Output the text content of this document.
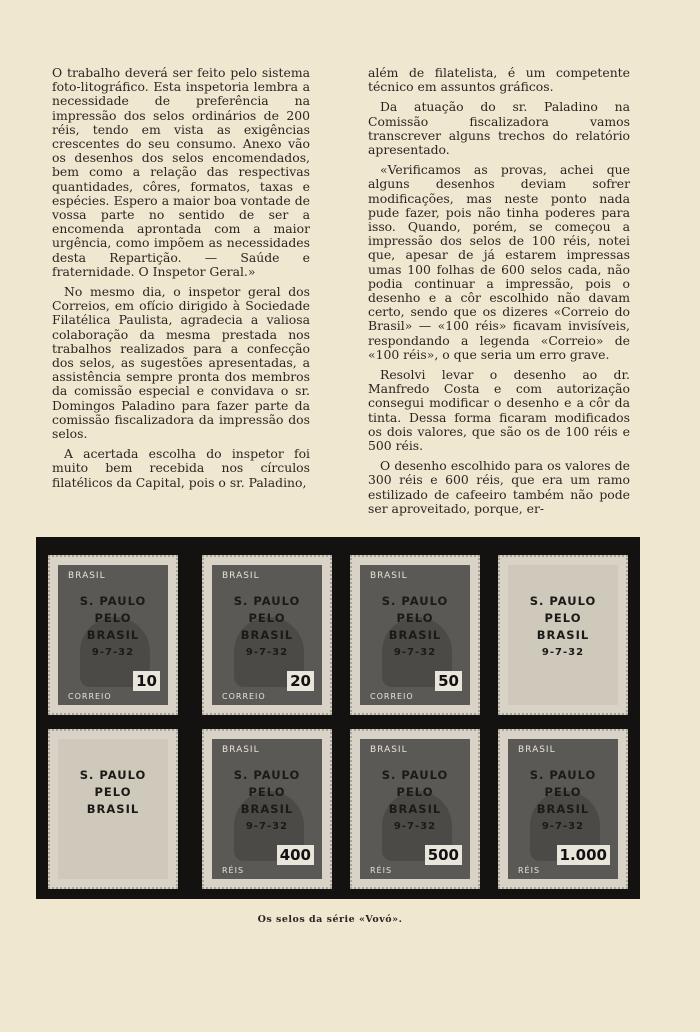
O trabalho deverá ser feito pelo sistema foto-litográfico. Esta inspetoria lembra a necessidade de preferência na impressão dos selos ordinários de 200 réis, tendo em vista as exigências crescentes do seu consumo. Anexo vão os desenhos dos selos encomendados, bem como a relação das respectivas quantidades, côres, formatos, taxas e espécies. Espero a maior boa vontade de vossa parte no sentido de ser a encomenda aprontada com a maior urgência, como impõem as necessidades desta Repartição. — Saúde e fraternidade. O Inspetor Geral.»

No mesmo dia, o inspetor geral dos Correios, em ofício dirigido à Sociedade Filatélica Paulista, agradecia a valiosa colaboração da mesma prestada nos trabalhos realizados para a confecção dos selos, as sugestões apresentadas, a assistência sempre pronta dos membros da comissão especial e convidava o sr. Domingos Paladino para fazer parte da comissão fiscalizadora da impressão dos selos.

A acertada escolha do inspetor foi muito bem recebida nos círculos filatélicos da Capital, pois o sr. Paladino,

além de filatelista, é um competente técnico em assuntos gráficos.

Da atuação do sr. Paladino na Comissão fiscalizadora vamos transcrever alguns trechos do relatório apresentado.

«Verificamos as provas, achei que alguns desenhos deviam sofrer modificações, mas neste ponto nada pude fazer, pois não tinha poderes para isso. Quando, porém, se começou a impressão dos selos de 100 réis, notei que, apesar de já estarem impressas umas 100 folhas de 600 selos cada, não podia continuar a impressão, pois o desenho e a côr escolhido não davam certo, sendo que os dizeres «Correio do Brasil» — «100 réis» ficavam invisíveis, respondando a legenda «Correio» de «100 réis», o que seria um erro grave.

Resolvi levar o desenho ao dr. Manfredo Costa e com autorização consegui modificar o desenho e a côr da tinta. Dessa forma ficaram modificados os dois valores, que são os de 100 réis e 500 réis.

O desenho escolhido para os valores de 300 réis e 600 réis, que era um ramo estilizado de cafeeiro também não pode ser aproveitado, porque, er-

BRASIL
S. PAULO
PELO
BRASIL
9-7-32
10
CORREIO
BRASIL
S. PAULO
PELO
BRASIL
9-7-32
20
CORREIO
BRASIL
S. PAULO
PELO
BRASIL
9-7-32
50
CORREIO
S. PAULO
PELO
BRASIL
9-7-32
S. PAULO
PELO
BRASIL
BRASIL
S. PAULO
PELO
BRASIL
9-7-32
400
RÉIS
BRASIL
S. PAULO
PELO
BRASIL
9-7-32
500
RÉIS
BRASIL
S. PAULO
PELO
BRASIL
9-7-32
1.000
RÉIS
Os selos da série «Vovó».
